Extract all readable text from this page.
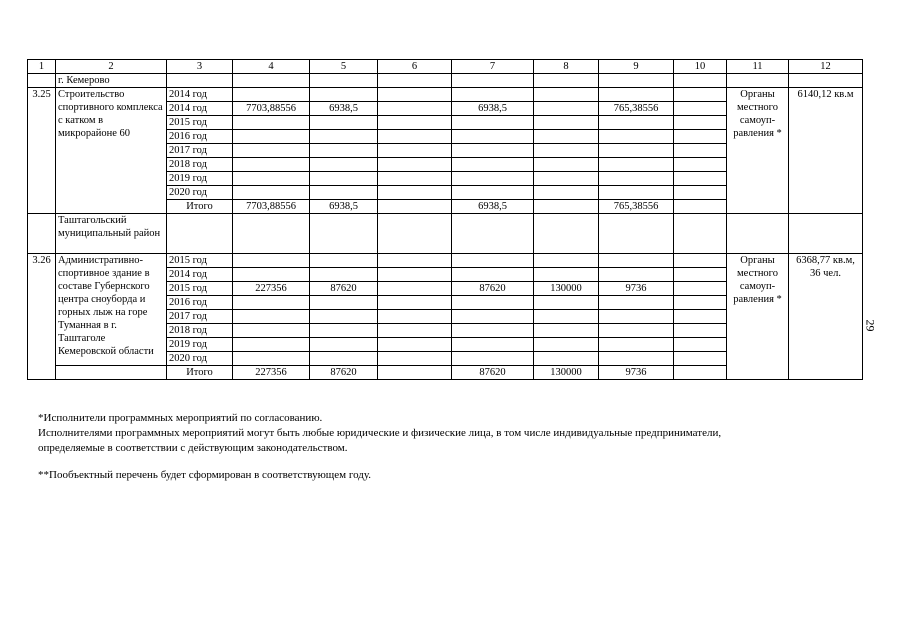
1	2	3	4	5	6	7	8	9	10	11	12
	г. Кемерово										
3.25	Строительство спортивного комплекса с катком в микрорайоне 60	2014 год								Органы местного самоуп-равления *	6140,12 кв.м
		2014 год	7703,88556	6938,5		6938,5		765,38556			
		2015 год									
		2016 год									
		2017 год									
		2018 год									
		2019 год									
		2020 год									
		Итого	7703,88556	6938,5		6938,5		765,38556			
	Таштагольский муниципальный район										
3.26	Административно-спортивное здание в составе Губернского центра сноуборда и горных лыж на горе Туманная в г. Таштаголе Кемеровской области	2015 год								Органы местного самоуп-равления *	6368,77 кв.м,
36 чел.

		2014 год									
		2015 год	227356	87620		87620	130000	9736			
		2016 год									
		2017 год									
		2018 год									
		2019 год									
		2020 год									
		Итого	227356	87620		87620	130000	9736			

*Исполнители программных мероприятий по согласованию.

Исполнителями программных мероприятий могут быть любые юридические и физические лица, в том числе индивидуальные предприниматели,

определяемые в соответствии с действующим законодательством.

**Пообъектный перечень будет сформирован в соответствующем году.

29
